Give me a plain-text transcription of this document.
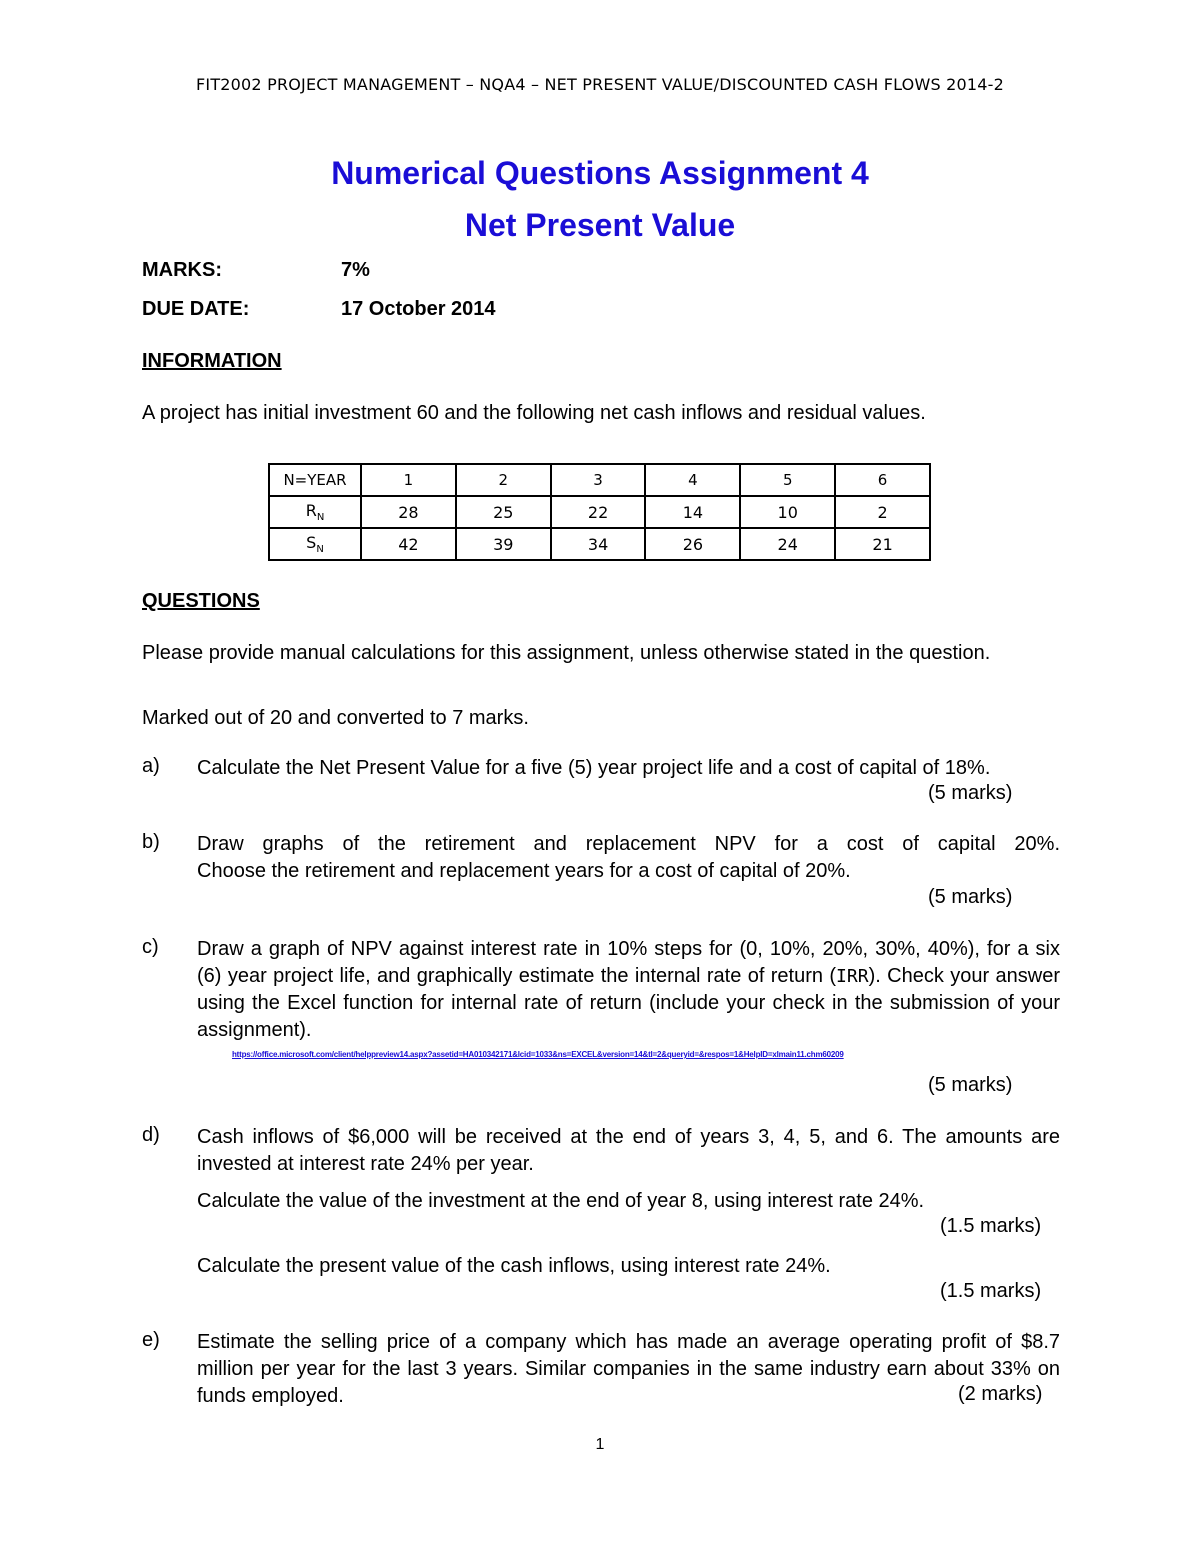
FIT2002 PROJECT MANAGEMENT – NQA4 – NET PRESENT VALUE/DISCOUNTED CASH FLOWS 2014-2
Numerical Questions Assignment 4
Net Present Value
MARKS:	7%
DUE DATE:	17 October 2014
INFORMATION
A project has initial investment 60 and the following net cash inflows and residual values.
N=YEAR	1	2	3	4	5	6
$R_N$	28	25	22	14	10	2
$S_N$	42	39	34	26	24	21
QUESTIONS
Please provide manual calculations for this assignment, unless otherwise stated in the question.
Marked out of 20 and converted to 7 marks.
a) Calculate the Net Present Value for a five (5) year project life and a cost of capital of 18%.
(5 marks)
b) Draw graphs of the retirement and replacement NPV for a cost of capital 20%.
Choose the retirement and replacement years for a cost of capital of 20%.
(5 marks)
c) Draw a graph of NPV against interest rate in 10% steps for (0, 10%, 20%, 30%, 40%), for a six (6) year project life, and graphically estimate the internal rate of return (IRR). Check your answer using the Excel function for internal rate of return (include your check in the submission of your assignment).
https://office.microsoft.com/client/helppreview14.aspx?assetid=HA010342171&lcid=1033&ns=EXCEL&version=14&tl=2&queryid=&respos=1&HelpID=xlmain11.chm60209
(5 marks)
d) Cash inflows of $6,000 will be received at the end of years 3, 4, 5, and 6. The amounts are invested at interest rate 24% per year.
Calculate the value of the investment at the end of year 8, using interest rate 24%.
(1.5 marks)
Calculate the present value of the cash inflows, using interest rate 24%.
(1.5 marks)
e) Estimate the selling price of a company which has made an average operating profit of $8.7 million per year for the last 3 years. Similar companies in the same industry earn about 33% on funds employed.	(2 marks)
1
